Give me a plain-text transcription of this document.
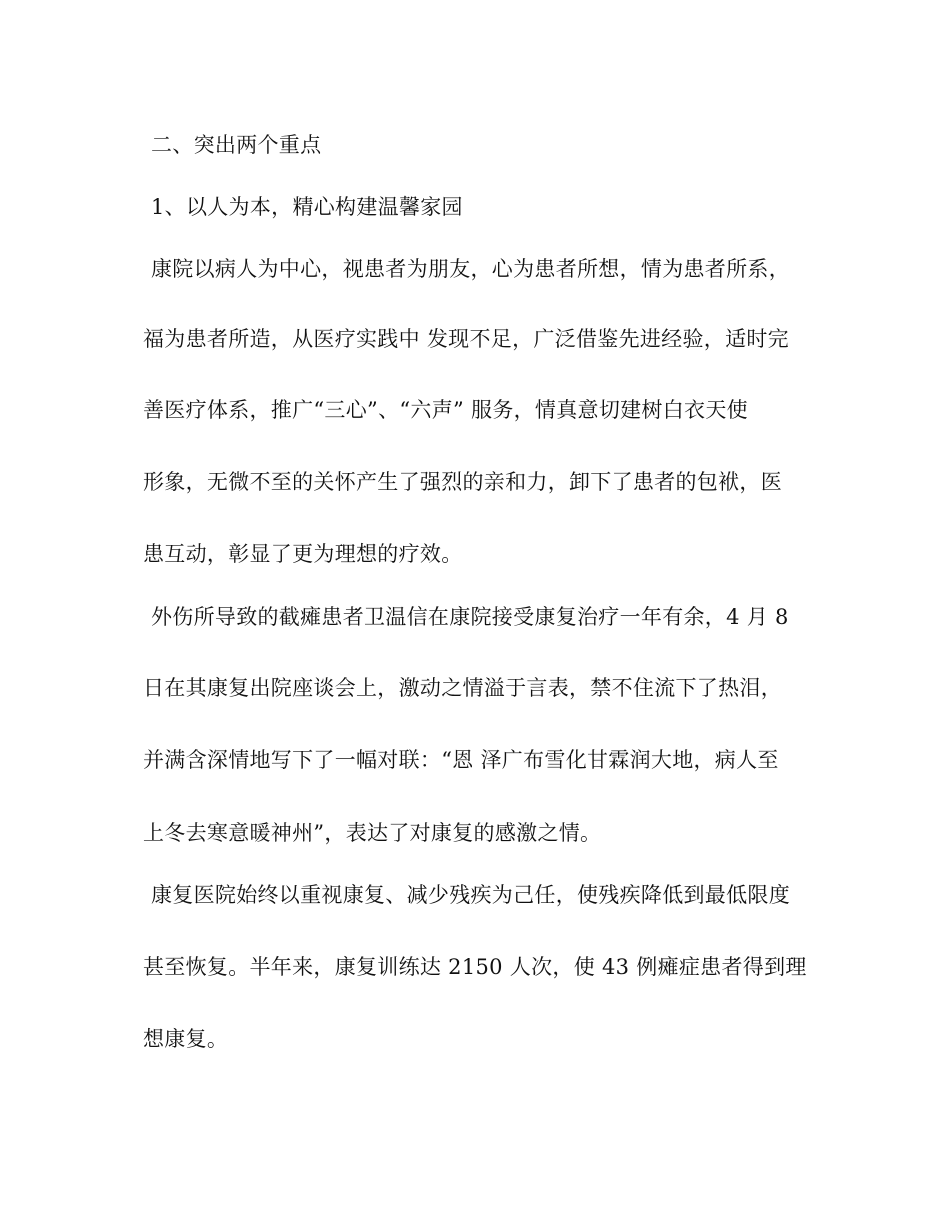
二、突出两个重点
1、以人为本，精心构建温馨家园
康院以病人为中心，视患者为朋友，心为患者所想，情为患者所系，
福为患者所造，从医疗实践中 发现不足，广泛借鉴先进经验，适时完
善医疗体系，推广“三心”、“六声” 服务，情真意切建树白衣天使
形象，无微不至的关怀产生了强烈的亲和力，卸下了患者的包袱，医
患互动，彰显了更为理想的疗效。
外伤所导致的截瘫患者卫温信在康院接受康复治疗一年有余，4 月 8
日在其康复出院座谈会上，激动之情溢于言表，禁不住流下了热泪，
并满含深情地写下了一幅对联：“恩 泽广布雪化甘霖润大地，病人至
上冬去寒意暖神州”，表达了对康复的感激之情。
康复医院始终以重视康复、减少残疾为己任，使残疾降低到最低限度
甚至恢复。半年来，康复训练达 2150 人次，使 43 例瘫症患者得到理
想康复。
